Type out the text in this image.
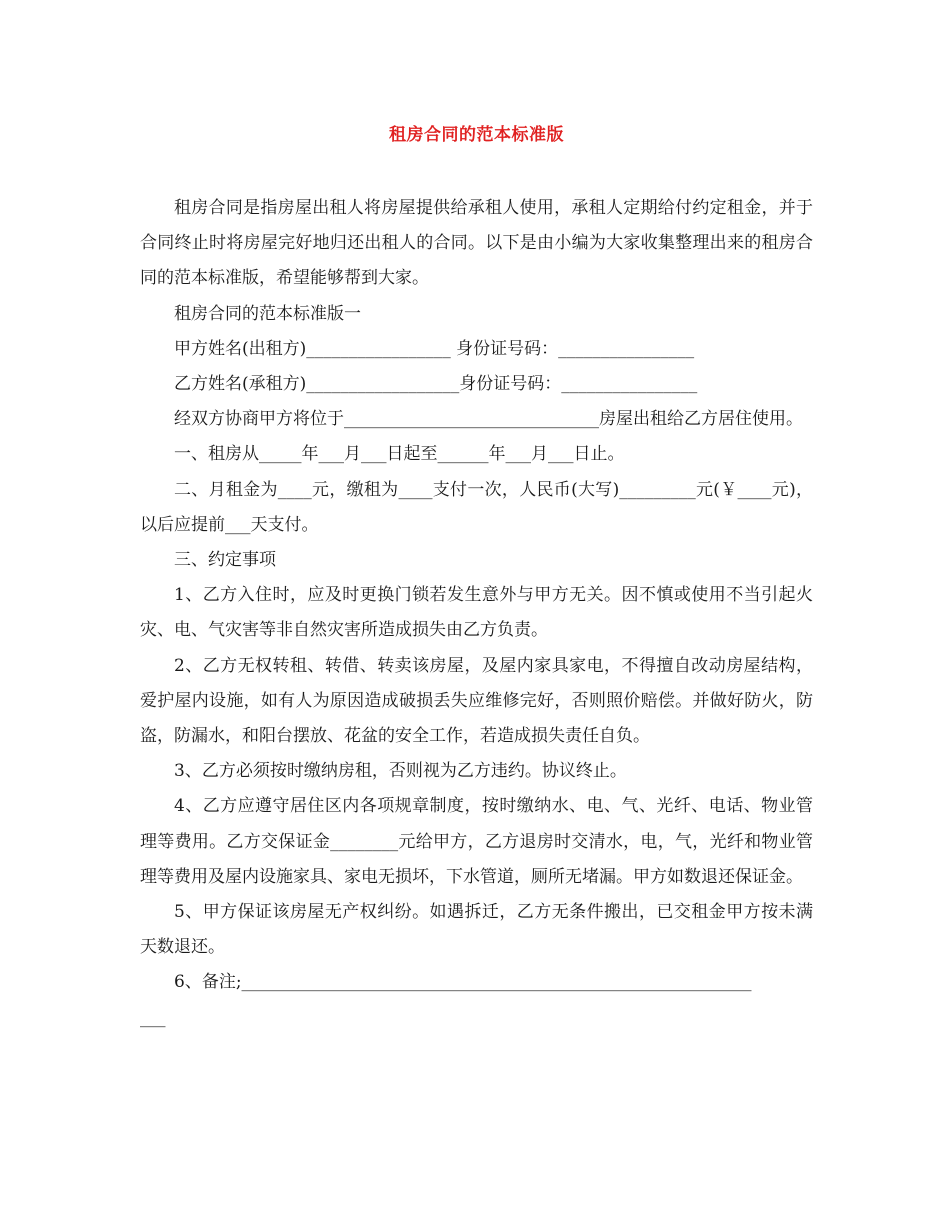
租房合同的范本标准版

租房合同是指房屋出租人将房屋提供给承租人使用，承租人定期给付约定租金，并于合同终止时将房屋完好地归还出租人的合同。以下是由小编为大家收集整理出来的租房合同的范本标准版，希望能够帮到大家。

租房合同的范本标准版一

甲方姓名(出租方)_________________ 身份证号码：________________

乙方姓名(承租方)__________________身份证号码：________________

经双方协商甲方将位于______________________________房屋出租给乙方居住使用。

一、租房从_____年___月___日起至______年___月___日止。

二、月租金为____元，缴租为____支付一次，人民币(大写)_________元(￥____元)，以后应提前___天支付。

三、约定事项

1、乙方入住时，应及时更换门锁若发生意外与甲方无关。因不慎或使用不当引起火灾、电、气灾害等非自然灾害所造成损失由乙方负责。

2、乙方无权转租、转借、转卖该房屋，及屋内家具家电，不得擅自改动房屋结构，爱护屋内设施，如有人为原因造成破损丢失应维修完好，否则照价赔偿。并做好防火，防盗，防漏水，和阳台摆放、花盆的安全工作，若造成损失责任自负。

3、乙方必须按时缴纳房租，否则视为乙方违约。协议终止。

4、乙方应遵守居住区内各项规章制度，按时缴纳水、电、气、光纤、电话、物业管理等费用。乙方交保证金________元给甲方，乙方退房时交清水，电，气，光纤和物业管理等费用及屋内设施家具、家电无损坏，下水管道，厕所无堵漏。甲方如数退还保证金。

5、甲方保证该房屋无产权纠纷。如遇拆迁，乙方无条件搬出，已交租金甲方按未满天数退还。

6、备注;____________________________________________________________

___
